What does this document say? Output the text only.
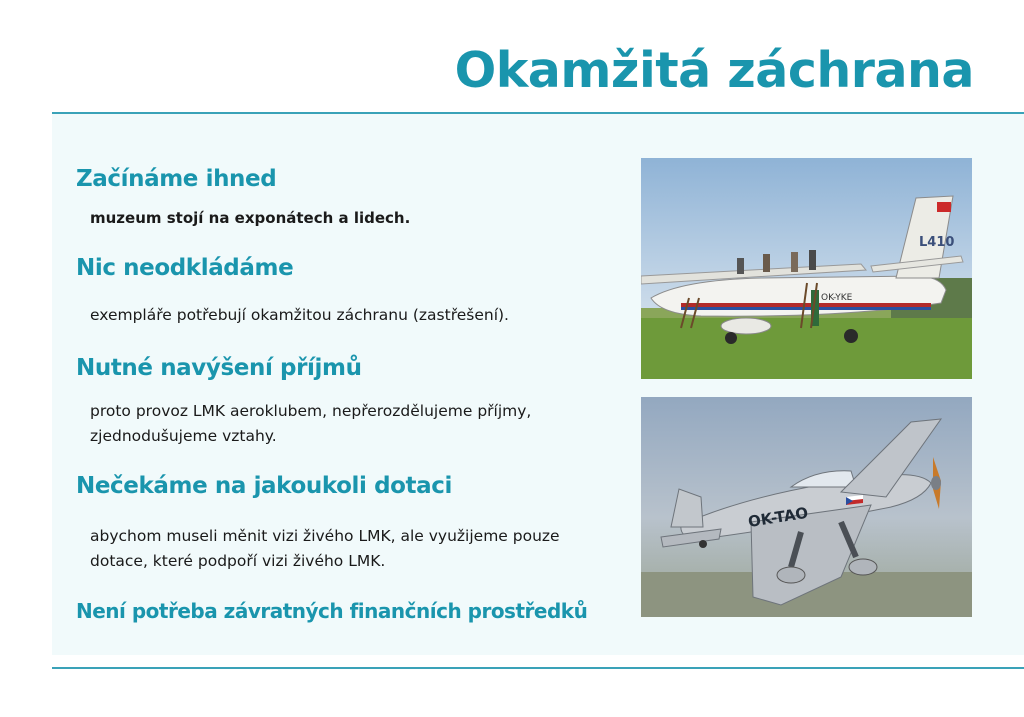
Okamžitá záchrana
Začínáme ihned
muzeum stojí na exponátech a lidech.
Nic neodkládáme
exempláře potřebují okamžitou záchranu (zastřešení).
Nutné navýšení příjmů
proto provoz LMK aeroklubem, nepřerozdělujeme příjmy,
zjednodušujeme vztahy.
Nečekáme na jakoukoli dotaci
abychom museli měnit vizi živého LMK, ale využijeme pouze
dotace, které podpoří vizi živého LMK.
Není potřeba závratných finančních prostředků
L410
OK-YKE
OK-TAO
